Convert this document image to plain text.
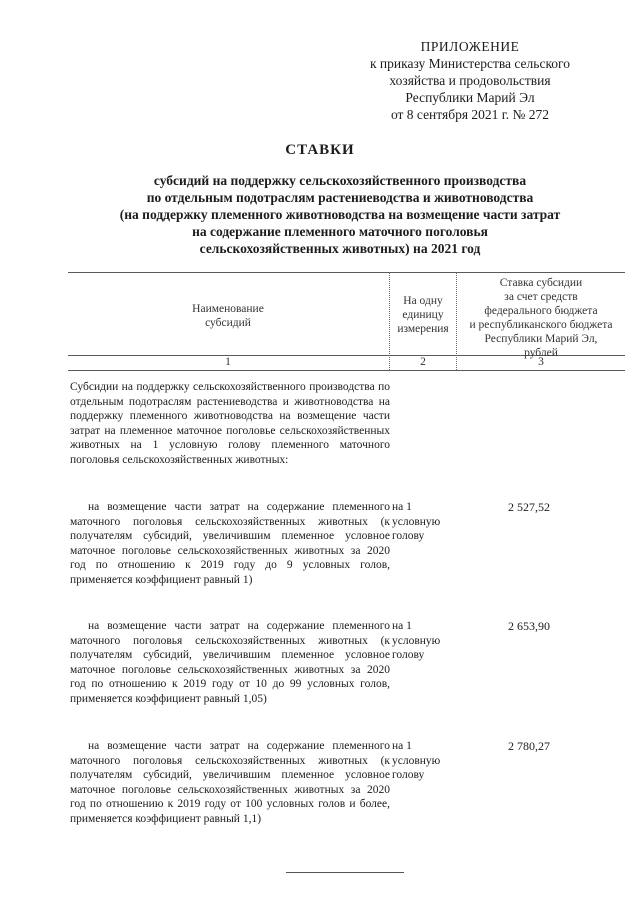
ПРИЛОЖЕНИЕ
к приказу Министерства сельского
хозяйства и продовольствия
Республики Марий Эл
от 8 сентября 2021 г. № 272
СТАВКИ
субсидий на поддержку сельскохозяйственного производства
по отдельным подотраслям растениеводства и животноводства
(на поддержку племенного животноводства на возмещение части затрат
на содержание племенного маточного поголовья
сельскохозяйственных животных) на 2021 год
Наименование
субсидий
На одну
единицу
измерения
Ставка субсидии
за счет средств
федерального бюджета
и республиканского бюджета
Республики Марий Эл,
рублей
1	2	3
Субсидии на поддержку сельскохозяйственного производства по отдельным подотраслям растениеводства и животноводства на поддержку племенного животноводства на возмещение части затрат на племенное маточное поголовье сельскохозяйственных животных на 1 условную голову племенного маточного поголовья сельскохозяйственных животных:
на возмещение части затрат на содержание племенного маточного поголовья сельскохозяйственных животных (к получателям субсидий, увеличившим племенное условное маточное поголовье сельскохозяйственных животных за 2020 год по отношению к 2019 году до 9 условных голов, применяется коэффициент равный 1)
на 1 условную голову
2 527,52
на возмещение части затрат на содержание племенного маточного поголовья сельскохозяйственных животных (к получателям субсидий, увеличившим племенное условное маточное поголовье сельскохозяйственных животных за 2020 год по отношению к 2019 году от 10 до 99 условных голов, применяется коэффициент равный 1,05)
на 1 условную голову
2 653,90
на возмещение части затрат на содержание племенного маточного поголовья сельскохозяйственных животных (к получателям субсидий, увеличившим племенное условное маточное поголовье сельскохозяйственных животных за 2020 год по отношению к 2019 году от 100 условных голов и более, применяется коэффициент равный 1,1)
на 1 условную голову
2 780,27
